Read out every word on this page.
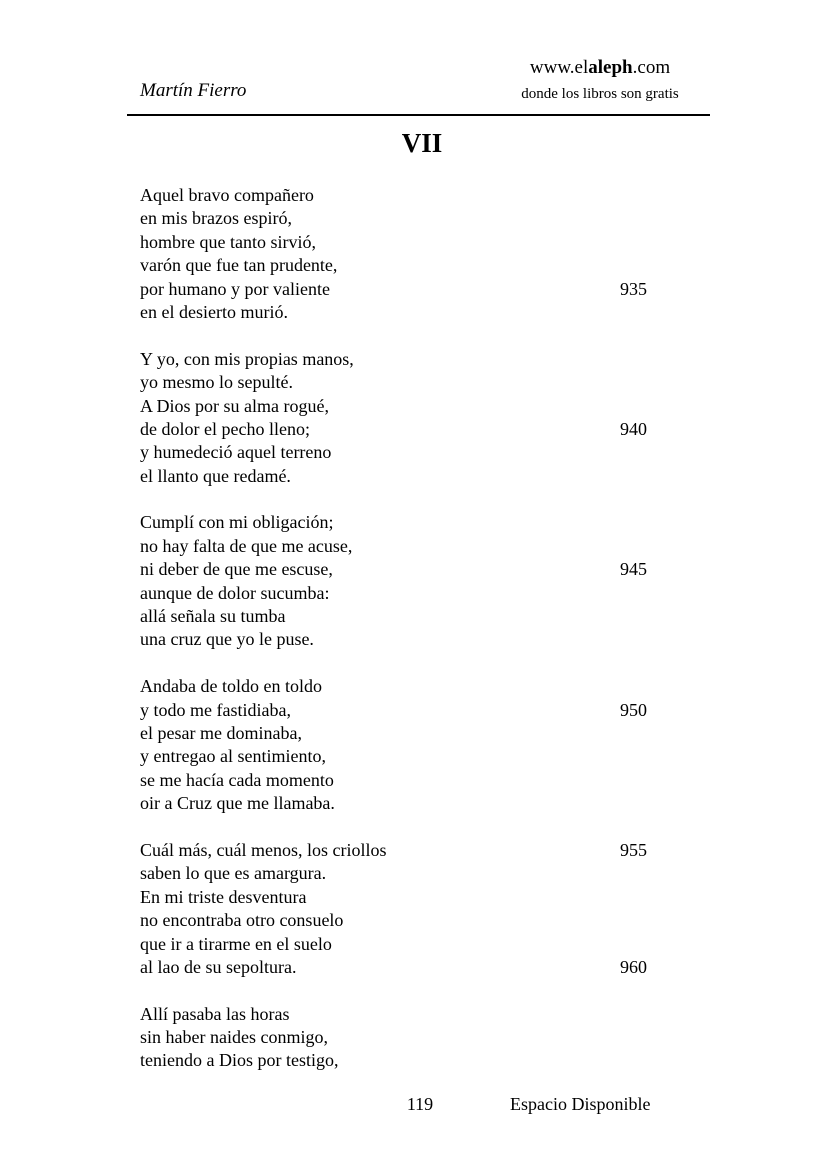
Martín Fierro
www.elaleph.com
donde los libros son gratis
VII
Aquel bravo compañero
en mis brazos espiró,
hombre que tanto sirvió,
varón que fue tan prudente,
por humano y por valiente	935
en el desierto murió.
Y yo, con mis propias manos,
yo mesmo lo sepulté.
A Dios por su alma rogué,
de dolor el pecho lleno;	940
y humedeció aquel terreno
el llanto que redamé.
Cumplí con mi obligación;
no hay falta de que me acuse,
ni deber de que me escuse,	945
aunque de dolor sucumba:
allá señala su tumba
una cruz que yo le puse.
Andaba de toldo en toldo
y todo me fastidiaba,	950
el pesar me dominaba,
y entregao al sentimiento,
se me hacía cada momento
oir a Cruz que me llamaba.
Cuál más, cuál menos, los criollos	955
saben lo que es amargura.
En mi triste desventura
no encontraba otro consuelo
que ir a tirarme en el suelo
al lao de su sepoltura.	960
Allí pasaba las horas
sin haber naides conmigo,
teniendo a Dios por testigo,
119	Espacio Disponible
